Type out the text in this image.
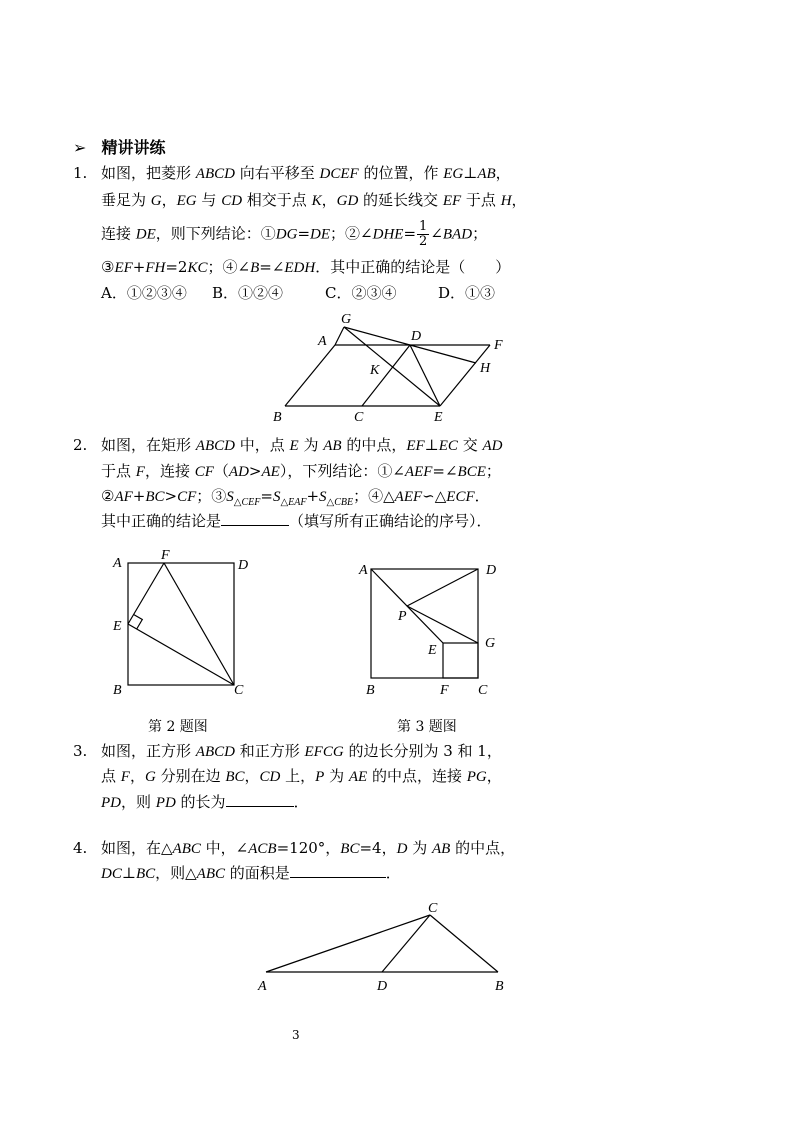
➢ 精讲讲练
1. 如图，把菱形 ABCD 向右平移至 DCEF 的位置，作 EG⊥AB，
垂足为 G，EG 与 CD 相交于点 K，GD 的延长线交 EF 于点 H，
连接 DE，则下列结论：①DG=DE；②∠DHE= $\frac{1}{2}$ ∠BAD；
③EF+FH=2KC；④∠B=∠EDH．其中正确的结论是（　　）
A．①②③④ B．①②④	C．②③④	D．①③
G
A	D
F
K	H
B	C	E
2. 如图，在矩形 ABCD 中，点 E 为 AB 的中点，EF⊥EC 交 AD
于点 F，连接 CF（AD>AE），下列结论：①∠AEF=∠BCE；
②AF+BC>CF；$③S_{\triangle CEF}=S_{\triangle EAF}+S_{\triangle CBE}$；④△AEF∽△ECF．
其中正确的结论是	（填写所有正确结论的序号）．
A
F
D
E
B	C
A	D
P
G
E
B	F C
第 2 题图	第 3 题图
3. 如图，正方形 ABCD 和正方形 EFCG 的边长分别为 3 和 1，
点 F，G 分别在边 BC，CD 上，P 为 AE 的中点，连接 PG，
PD，则 PD 的长为	．
4. 如图，在△ABC 中，∠ACB=120°，BC=4，D 为 AB 的中点，
DC⊥BC，则△ABC 的面积是	．
C
A	D	B
3
